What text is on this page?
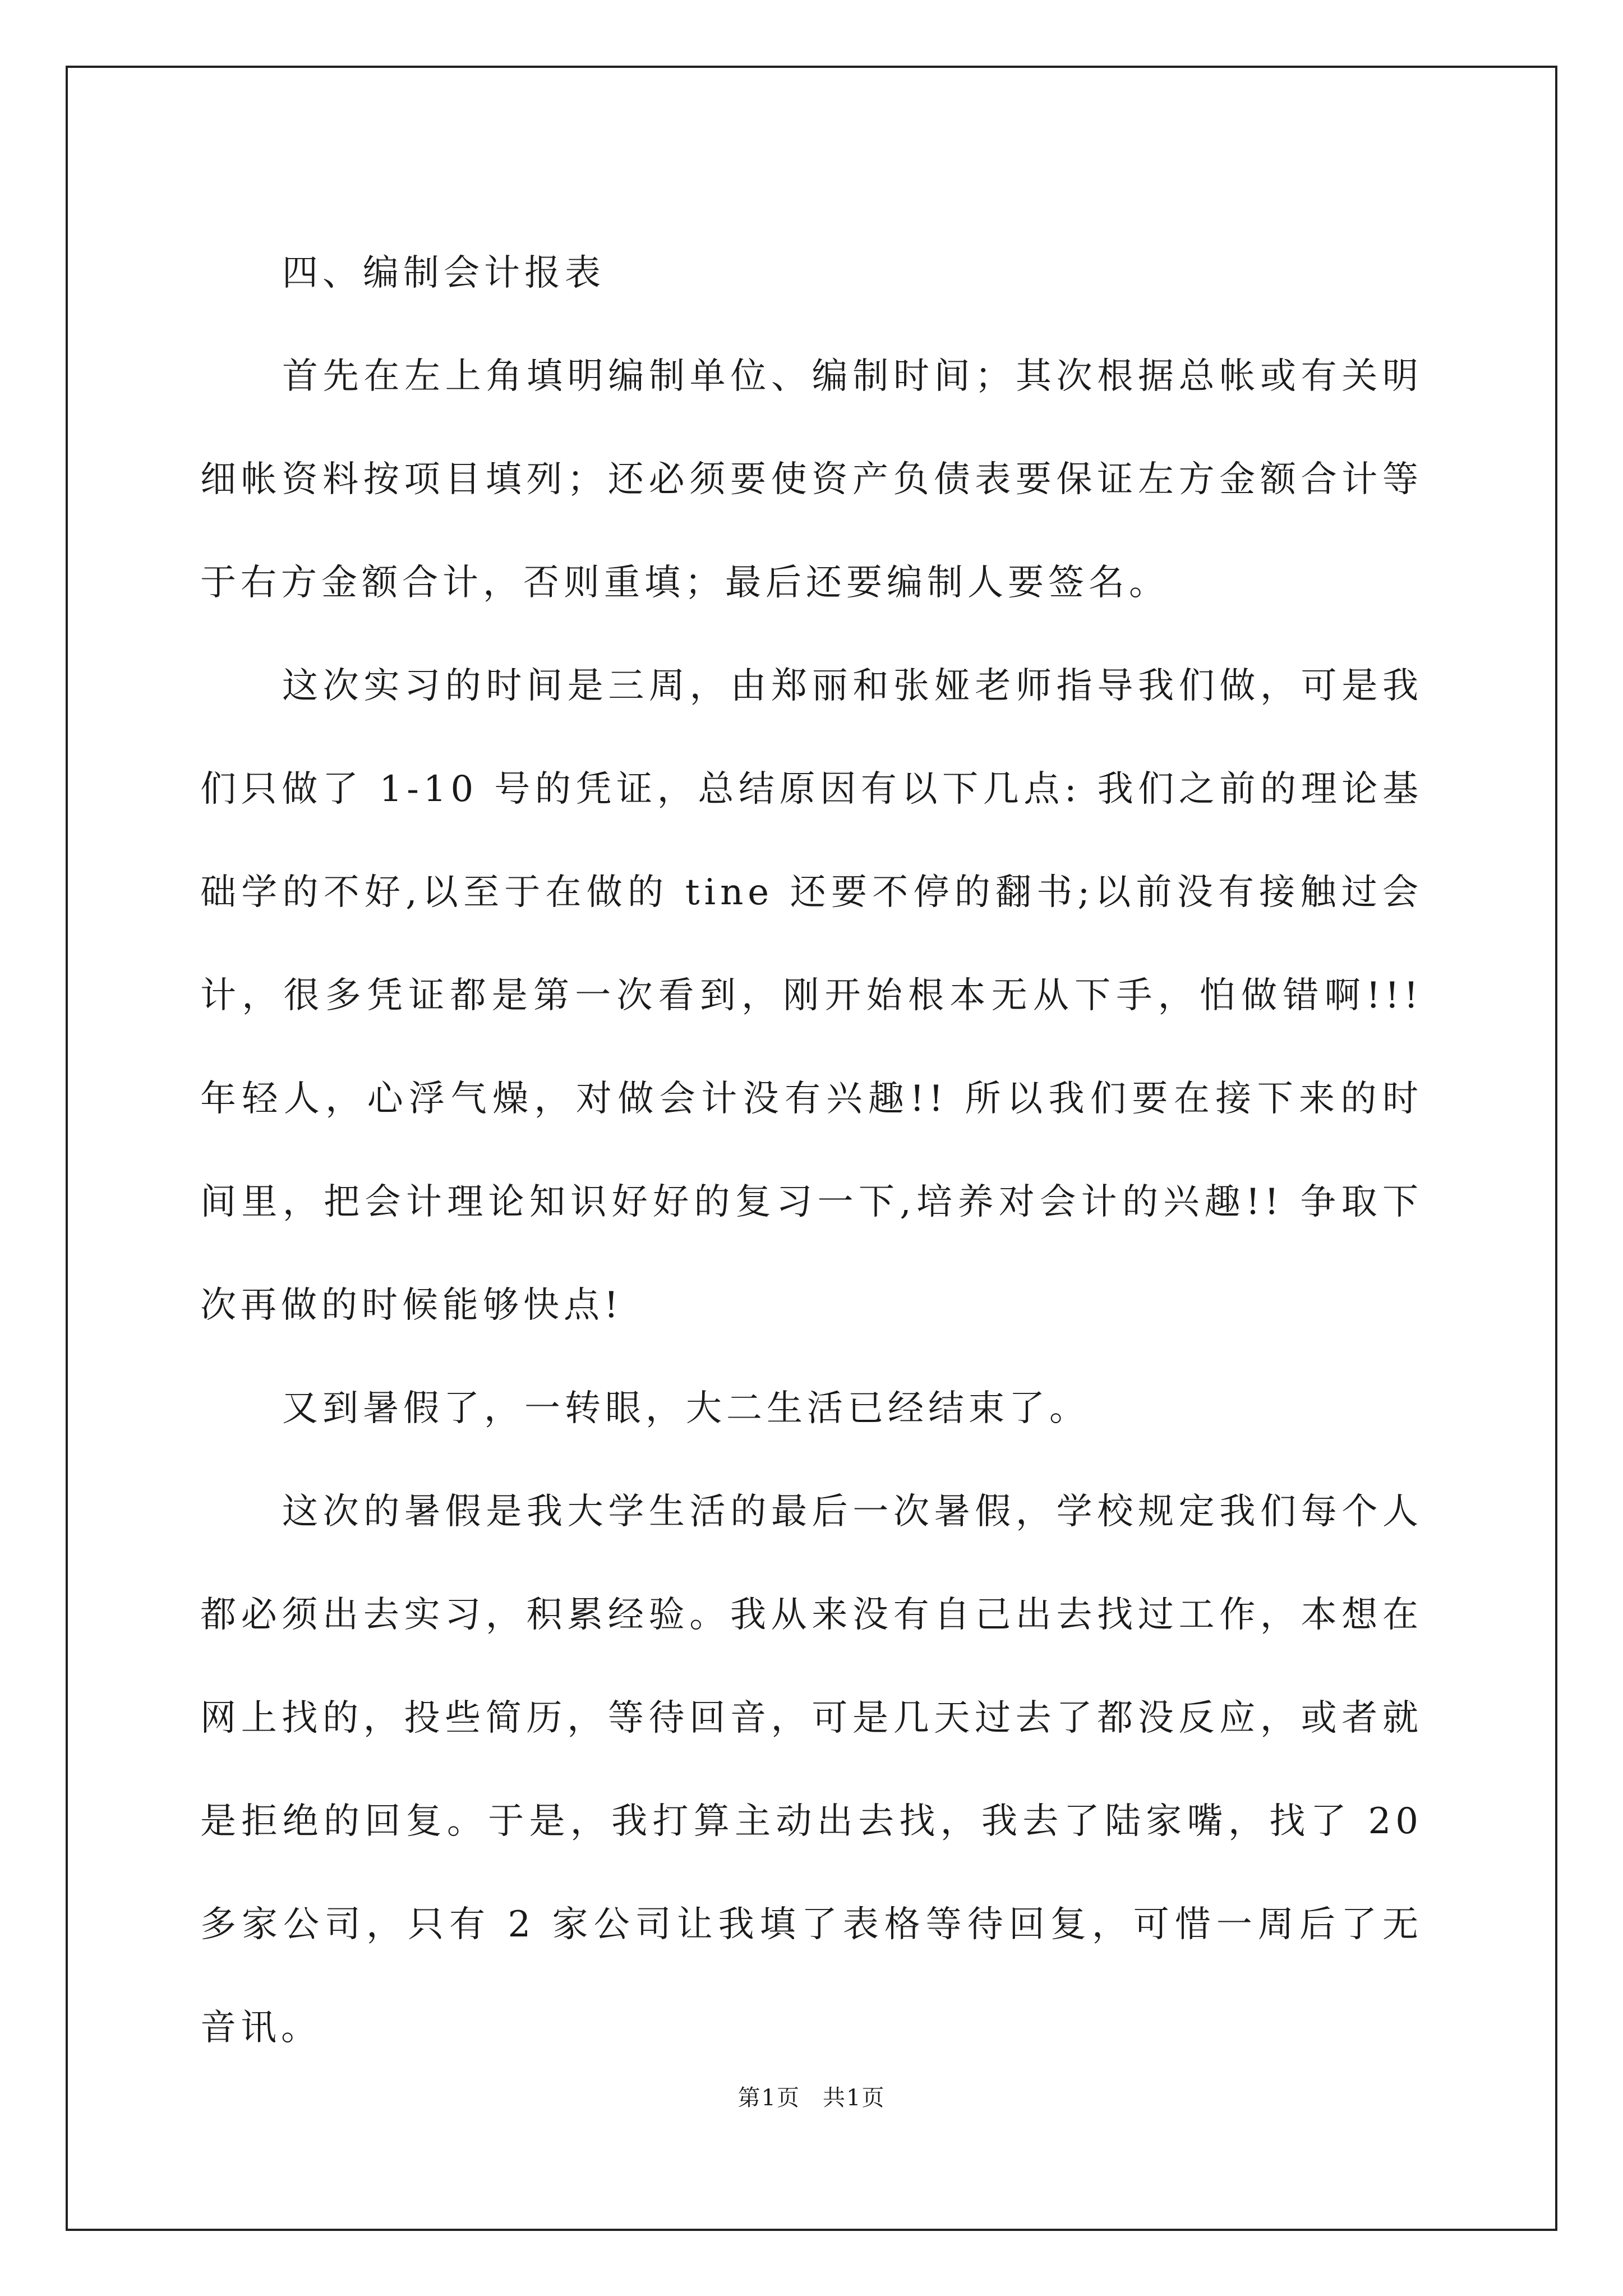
四、编制会计报表

首先在左上角填明编制单位、编制时间；其次根据总帐或有关明细帐资料按项目填列；还必须要使资产负债表要保证左方金额合计等于右方金额合计，否则重填；最后还要编制人要签名。

这次实习的时间是三周，由郑丽和张娅老师指导我们做，可是我们只做了 1-10 号的凭证，总结原因有以下几点: 我们之前的理论基础学的不好,以至于在做的 tine 还要不停的翻书;以前没有接触过会计，很多凭证都是第一次看到，刚开始根本无从下手，怕做错啊!!! 年轻人，心浮气燥，对做会计没有兴趣!! 所以我们要在接下来的时间里，把会计理论知识好好的复习一下,培养对会计的兴趣!! 争取下次再做的时候能够快点!

又到暑假了，一转眼，大二生活已经结束了。

这次的暑假是我大学生活的最后一次暑假，学校规定我们每个人都必须出去实习，积累经验。我从来没有自己出去找过工作，本想在网上找的，投些简历，等待回音，可是几天过去了都没反应，或者就是拒绝的回复。于是，我打算主动出去找，我去了陆家嘴，找了 20 多家公司，只有 2 家公司让我填了表格等待回复，可惜一周后了无音讯。

第1页 共1页
